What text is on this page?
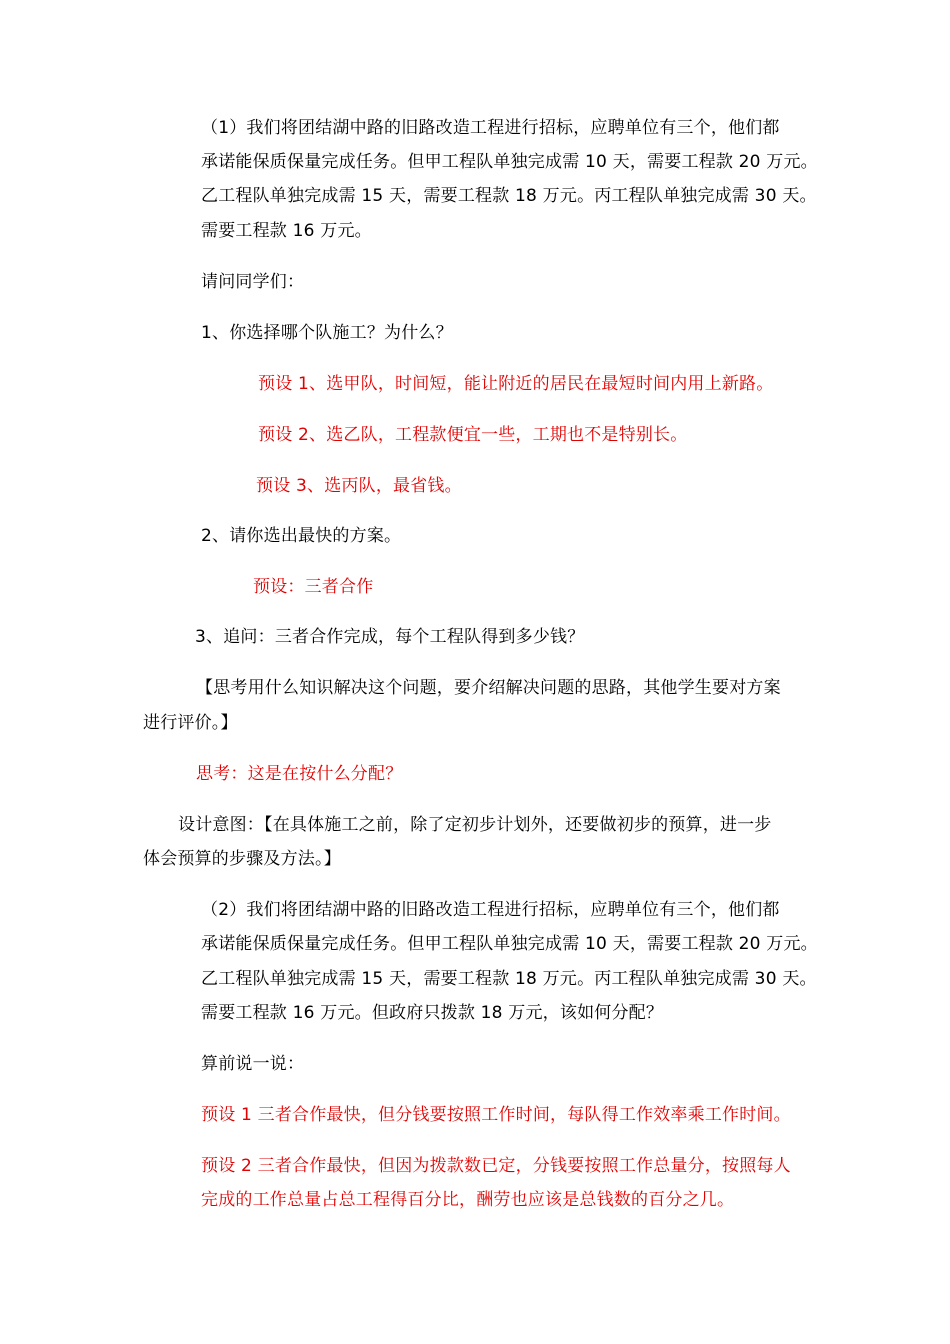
（1）我们将团结湖中路的旧路改造工程进行招标，应聘单位有三个，他们都
承诺能保质保量完成任务。但甲工程队单独完成需 10 天，需要工程款 20 万元。
乙工程队单独完成需 15 天，需要工程款 18 万元。丙工程队单独完成需 30 天。
需要工程款 16 万元。
请问同学们：
1、你选择哪个队施工？为什么？
预设 1、选甲队，时间短，能让附近的居民在最短时间内用上新路。
预设 2、选乙队，工程款便宜一些，工期也不是特别长。
预设 3、选丙队，最省钱。
2、请你选出最快的方案。
预设：三者合作
3、追问：三者合作完成，每个工程队得到多少钱？
【思考用什么知识解决这个问题，要介绍解决问题的思路，其他学生要对方案
进行评价。】
思考：这是在按什么分配？
设计意图：【在具体施工之前，除了定初步计划外，还要做初步的预算，进一步
体会预算的步骤及方法。】
（2）我们将团结湖中路的旧路改造工程进行招标，应聘单位有三个，他们都
承诺能保质保量完成任务。但甲工程队单独完成需 10 天，需要工程款 20 万元。
乙工程队单独完成需 15 天，需要工程款 18 万元。丙工程队单独完成需 30 天。
需要工程款 16 万元。但政府只拨款 18 万元，该如何分配？
算前说一说：
预设 1 三者合作最快，但分钱要按照工作时间，每队得工作效率乘工作时间。
预设 2 三者合作最快，但因为拨款数已定，分钱要按照工作总量分，按照每人
完成的工作总量占总工程得百分比，酬劳也应该是总钱数的百分之几。
